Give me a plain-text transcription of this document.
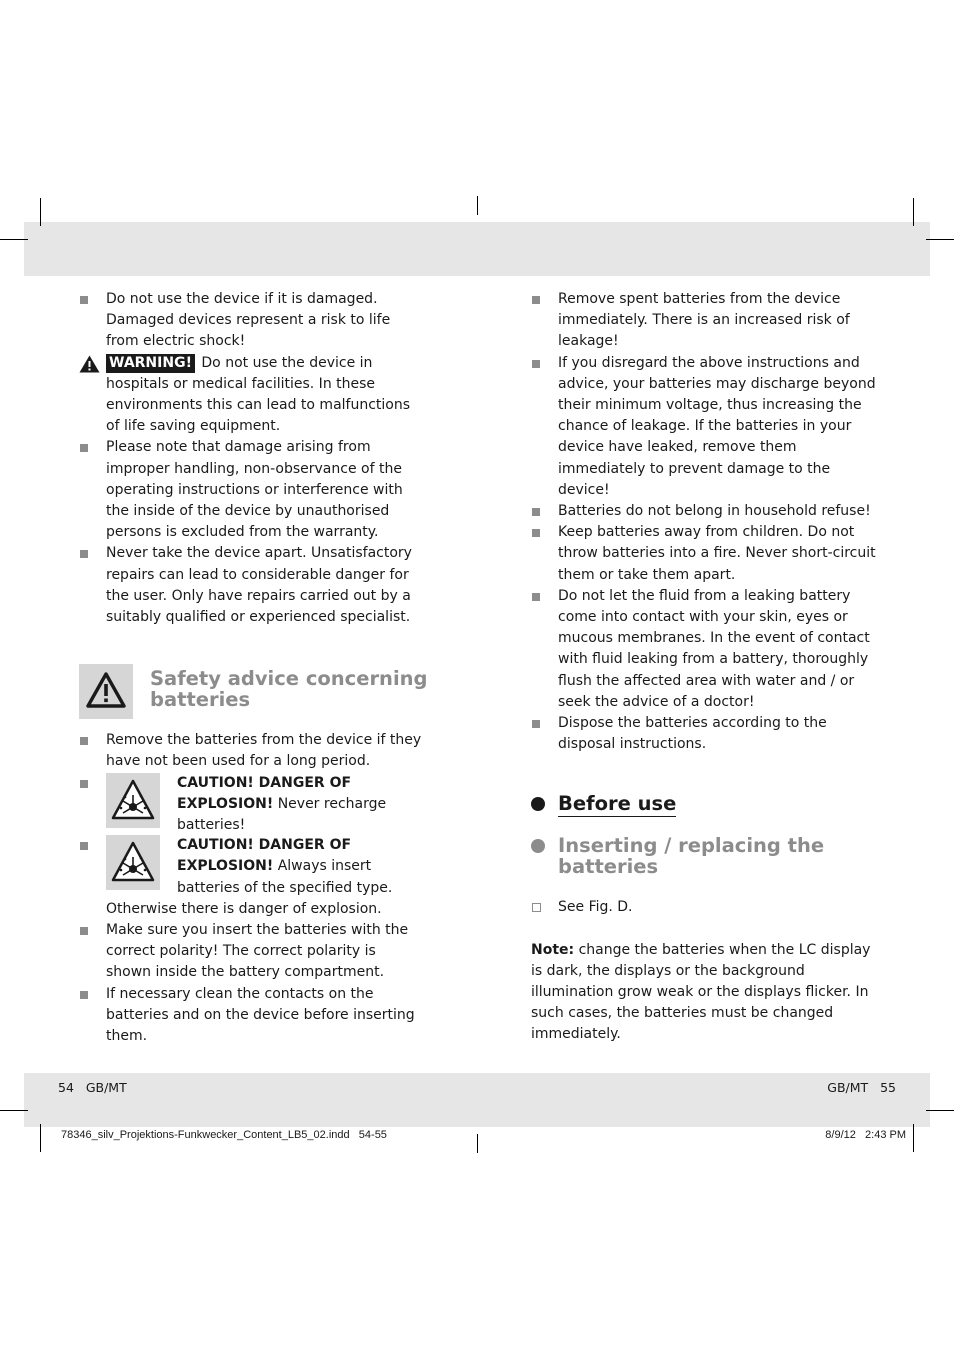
Do not use the device if it is damaged. Damaged devices represent a risk to life from electric shock!

WARNING! Do not use the device in hospitals or medical facilities. In these environments this can lead to malfunctions of life saving equipment.

Please note that damage arising from improper handling, non-observance of the operating instructions or interference with the inside of the device by unauthorised persons is excluded from the warranty.

Never take the device apart. Unsatisfactory repairs can lead to considerable danger for the user. Only have repairs carried out by a suitably qualified or experienced specialist.

Safety advice concerning batteries

Remove the batteries from the device if they have not been used for a long period.

CAUTION! DANGER OF EXPLOSION! Never recharge batteries!
CAUTION! DANGER OF EXPLOSION! Always insert batteries of the specified type. Otherwise there is danger of explosion.

Make sure you insert the batteries with the correct polarity! The correct polarity is shown inside the battery compartment.

If necessary clean the contacts on the batteries and on the device before inserting them.

Remove spent batteries from the device immediately. There is an increased risk of leakage!

If you disregard the above instructions and advice, your batteries may discharge beyond their minimum voltage, thus increasing the chance of leakage. If the batteries in your device have leaked, remove them immediately to prevent damage to the device!

Batteries do not belong in household refuse!

Keep batteries away from children. Do not throw batteries into a fire. Never short-circuit them or take them apart.

Do not let the fluid from a leaking battery come into contact with your skin, eyes or mucous membranes. In the event of contact with fluid leaking from a battery, thoroughly flush the affected area with water and / or seek the advice of a doctor!

Dispose the batteries according to the disposal instructions.

Before use
Inserting / replacing the batteries

See Fig. D.

Note: change the batteries when the LC display is dark, the displays or the background illumination grow weak or the displays flicker. In such cases, the batteries must be changed immediately.

54 GB/MT	GB/MT 55
78346_silv_Projektions-Funkwecker_Content_LB5_02.indd   54-55	8/9/12   2:43 PM
